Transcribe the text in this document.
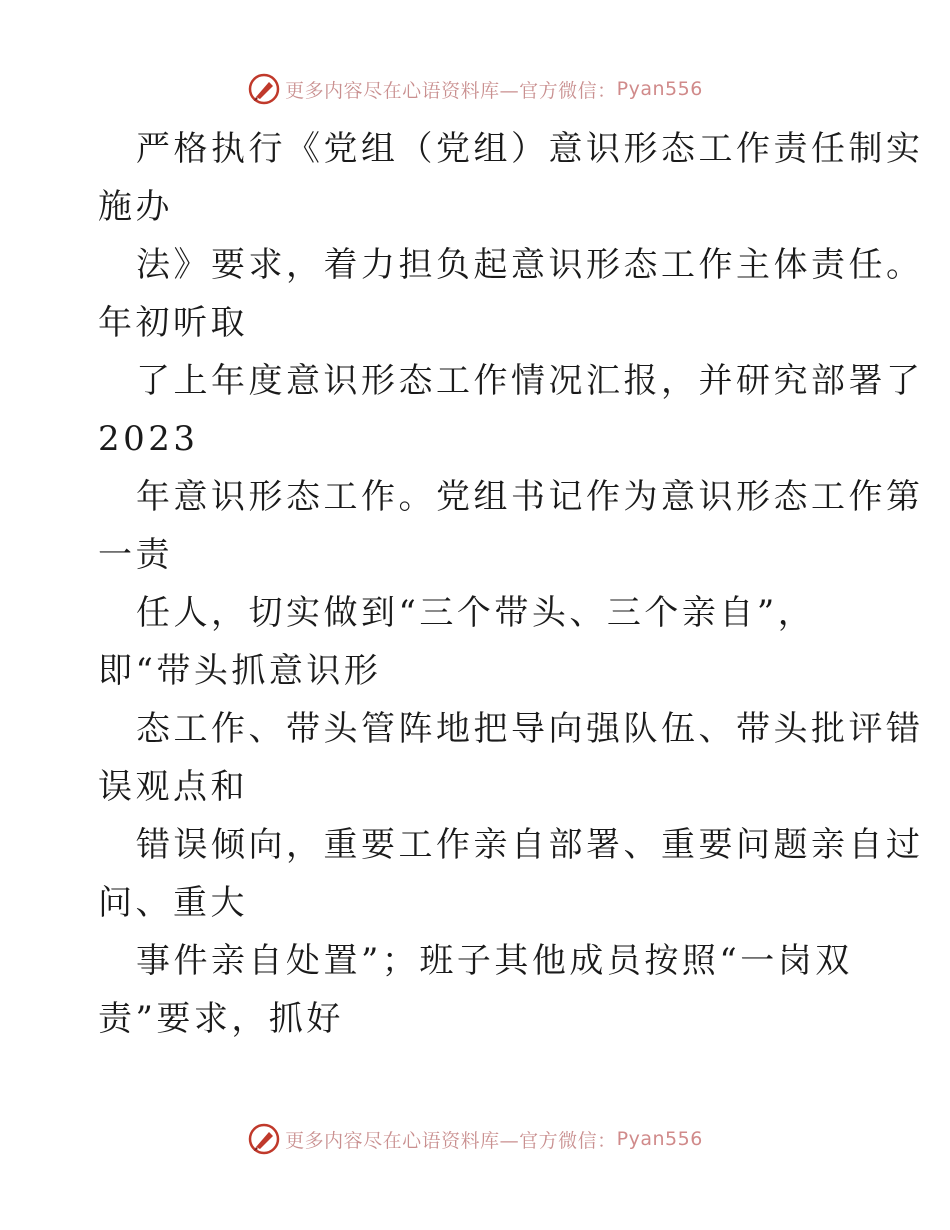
更多内容尽在心语资料库—官方微信： Pyan556
严格执行《党组（党组）意识形态工作责任制实
施办
法》要求，着力担负起意识形态工作主体责任。
年初听取
了上年度意识形态工作情况汇报，并研究部署了
2023
年意识形态工作。党组书记作为意识形态工作第
一责
任人，切实做到“三个带头、三个亲自”，
即“带头抓意识形
态工作、带头管阵地把导向强队伍、带头批评错
误观点和
错误倾向，重要工作亲自部署、重要问题亲自过
问、重大
事件亲自处置”；班子其他成员按照“一岗双
责”要求，抓好
更多内容尽在心语资料库—官方微信： Pyan556
